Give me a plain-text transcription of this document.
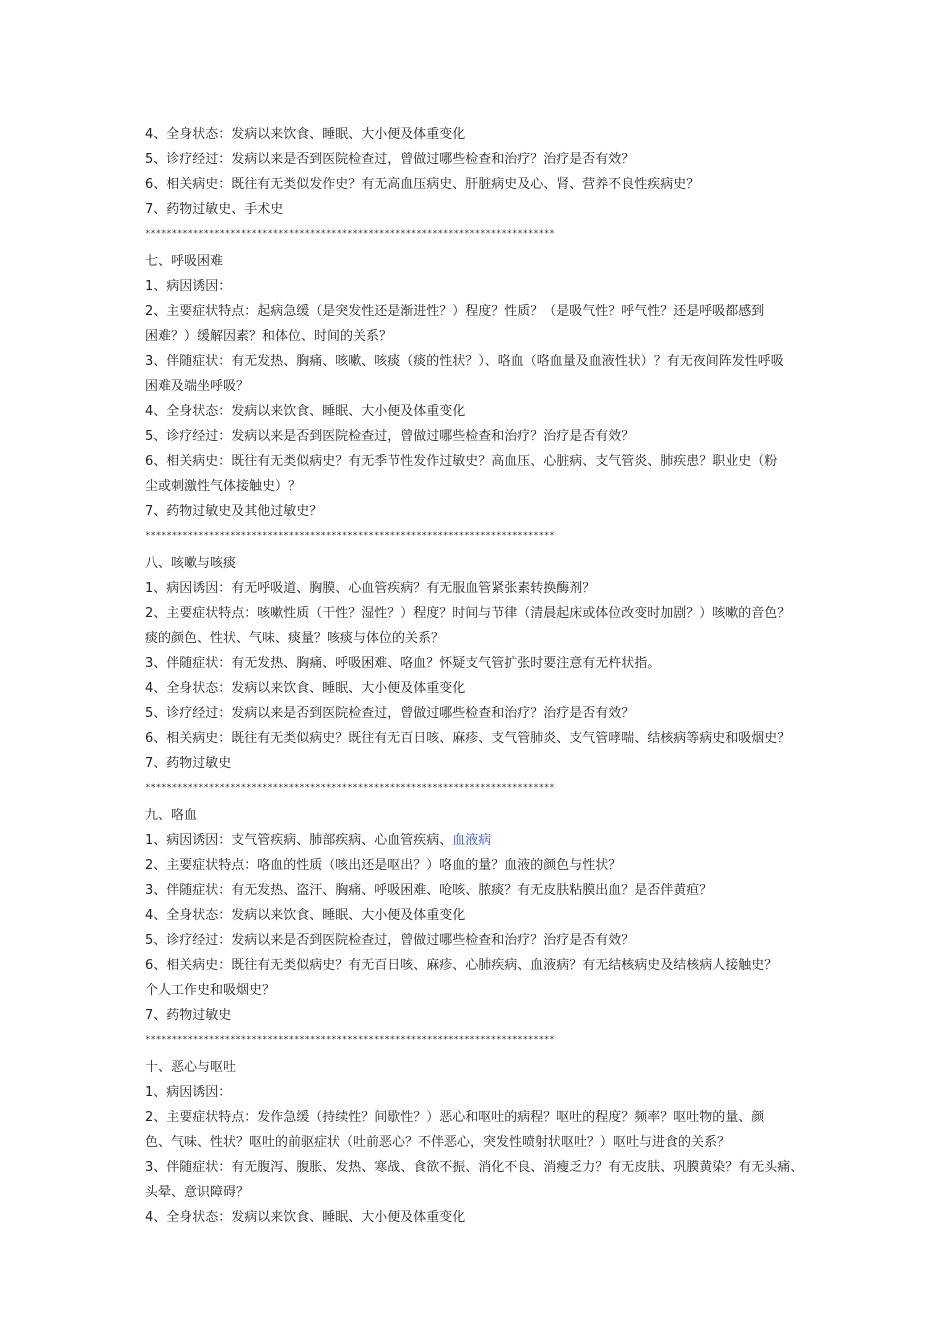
4、全身状态：发病以来饮食、睡眠、大小便及体重变化
5、诊疗经过：发病以来是否到医院检查过，曾做过哪些检查和治疗？治疗是否有效？
6、相关病史：既往有无类似发作史？有无高血压病史、肝脏病史及心、肾、营养不良性疾病史？
7、药物过敏史、手术史
*****************************************************************************
七、呼吸困难
1、病因诱因：
2、主要症状特点：起病急缓（是突发性还是渐进性？）程度？性质？（是吸气性？呼气性？还是呼吸都感到
困难？）缓解因素？和体位、时间的关系？
3、伴随症状：有无发热、胸痛、咳嗽、咳痰（痰的性状？）、咯血（咯血量及血液性状）？有无夜间阵发性呼吸
困难及端坐呼吸？
4、全身状态：发病以来饮食、睡眠、大小便及体重变化
5、诊疗经过：发病以来是否到医院检查过，曾做过哪些检查和治疗？治疗是否有效？
6、相关病史：既往有无类似病史？有无季节性发作过敏史？高血压、心脏病、支气管炎、肺疾患？职业史（粉
尘或刺激性气体接触史）？
7、药物过敏史及其他过敏史？
*****************************************************************************
八、咳嗽与咳痰
1、病因诱因：有无呼吸道、胸膜、心血管疾病？有无服血管紧张素转换酶剂？
2、主要症状特点：咳嗽性质（干性？湿性？）程度？时间与节律（清晨起床或体位改变时加剧？）咳嗽的音色？
痰的颜色、性状、气味、痰量？咳痰与体位的关系？
3、伴随症状：有无发热、胸痛、呼吸困难、咯血？怀疑支气管扩张时要注意有无杵状指。
4、全身状态：发病以来饮食、睡眠、大小便及体重变化
5、诊疗经过：发病以来是否到医院检查过，曾做过哪些检查和治疗？治疗是否有效？
6、相关病史：既往有无类似病史？既往有无百日咳、麻疹、支气管肺炎、支气管哮喘、结核病等病史和吸烟史？
7、药物过敏史
*****************************************************************************
九、咯血
1、病因诱因：支气管疾病、肺部疾病、心血管疾病、血液病
2、主要症状特点：咯血的性质（咳出还是呕出？）咯血的量？血液的颜色与性状？
3、伴随症状：有无发热、盗汗、胸痛、呼吸困难、呛咳、脓痰？有无皮肤粘膜出血？是否伴黄疸？
4、全身状态：发病以来饮食、睡眠、大小便及体重变化
5、诊疗经过：发病以来是否到医院检查过，曾做过哪些检查和治疗？治疗是否有效？
6、相关病史：既往有无类似病史？有无百日咳、麻疹、心肺疾病、血液病？有无结核病史及结核病人接触史？
个人工作史和吸烟史？
7、药物过敏史
*****************************************************************************
十、恶心与呕吐
1、病因诱因：
2、主要症状特点：发作急缓（持续性？间歇性？）恶心和呕吐的病程？呕吐的程度？频率？呕吐物的量、颜
色、气味、性状？呕吐的前驱症状（吐前恶心？不伴恶心，突发性喷射状呕吐？）呕吐与进食的关系？
3、伴随症状：有无腹泻、腹胀、发热、寒战、食欲不振、消化不良、消瘦乏力？有无皮肤、巩膜黄染？有无头痛、
头晕、意识障碍？
4、全身状态：发病以来饮食、睡眠、大小便及体重变化
